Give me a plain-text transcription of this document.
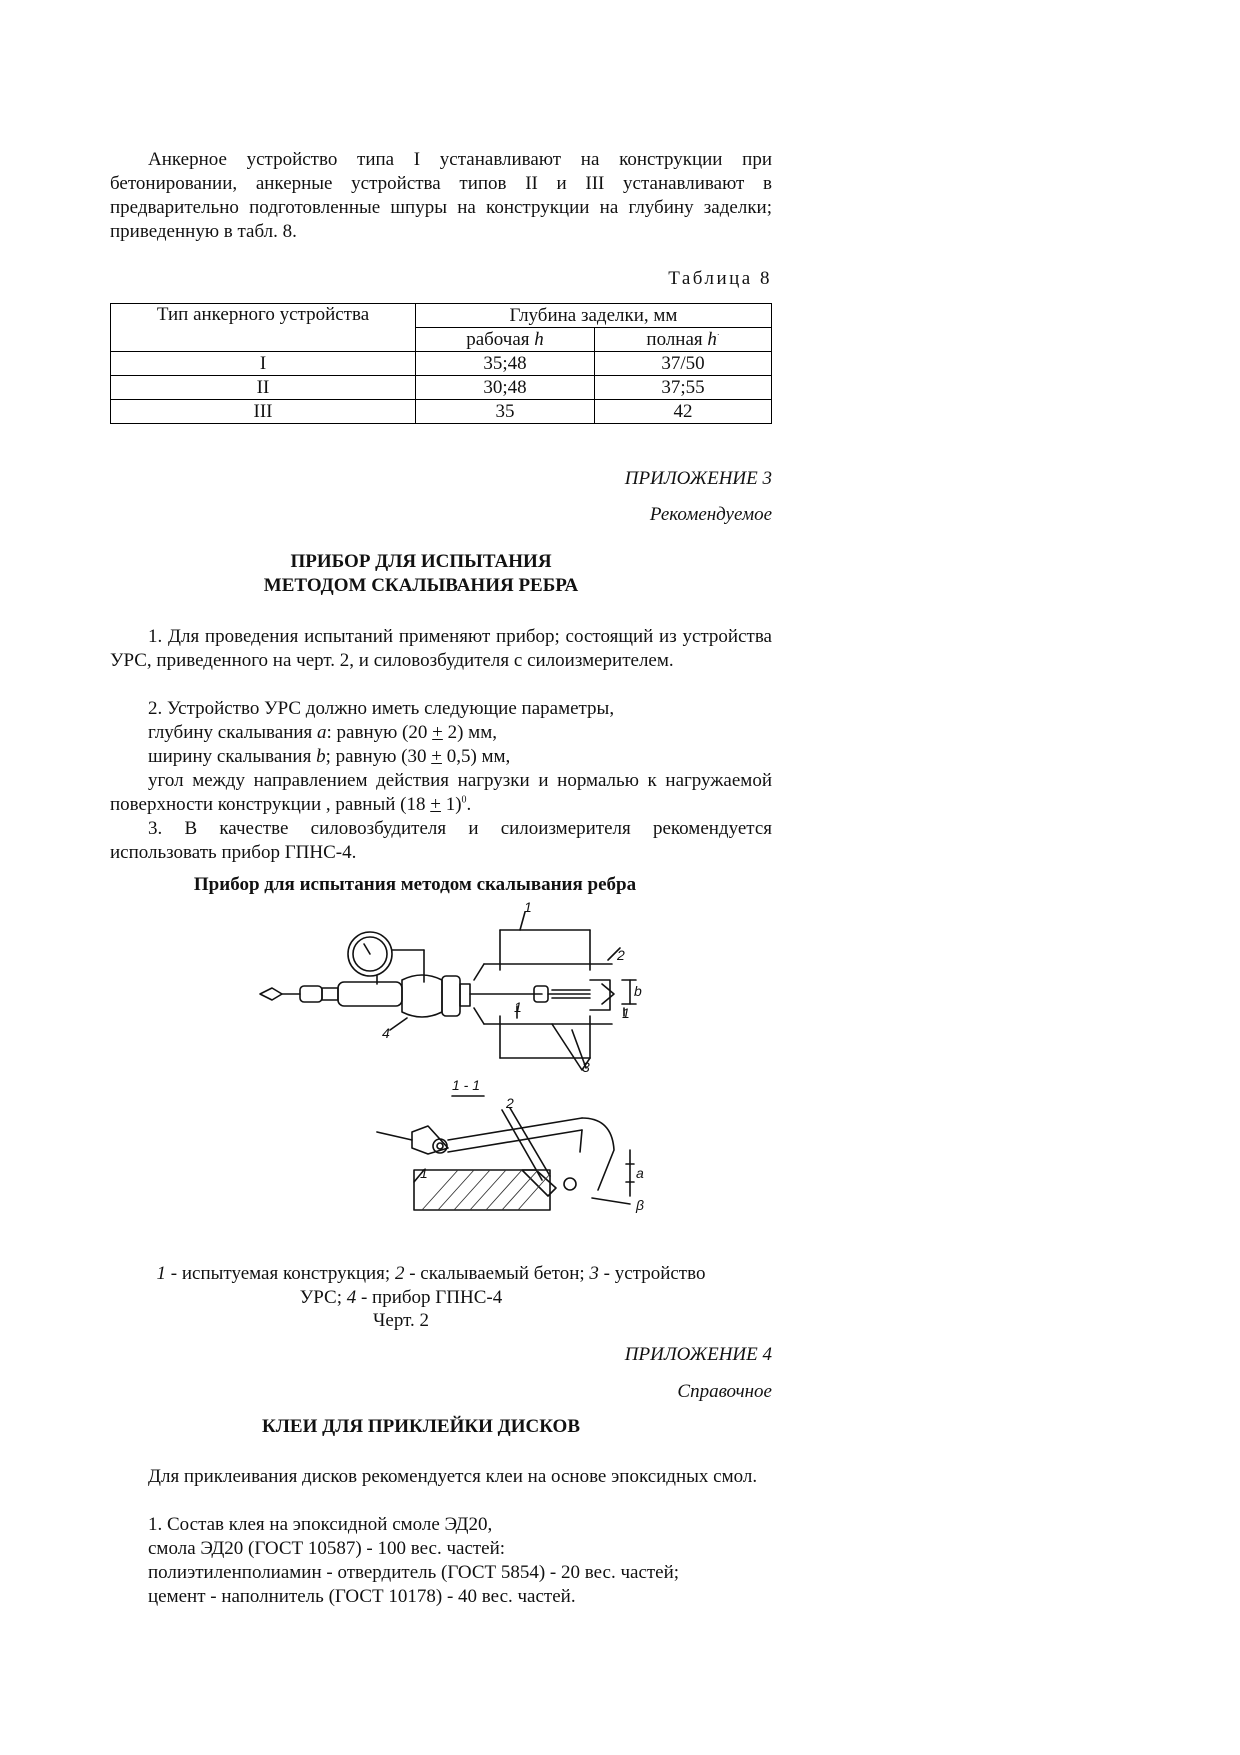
Анкерное устройство типа I устанавливают на конструкции при бетонировании, анкерные устройства типов II и III устанавливают в предварительно подготовленные шпуры на конструкции на глубину заделки; приведенную в табл. 8.

Таблица 8

Тип анкерного устройства	Глубина заделки, мм	
	рабочая h	полная h·
I	35;48	37/50
II	30;48	37;55
III	35	42

ПРИЛОЖЕНИЕ 3

Рекомендуемое

ПРИБОР ДЛЯ ИСПЫТАНИЯ

МЕТОДОМ СКАЛЫВАНИЯ РЕБРА

1. Для проведения испытаний применяют прибор; состоящий из устройства УРС, приведенного на черт. 2, и силовозбудителя с силоизмерителем.

2. Устройство УРС должно иметь следующие параметры,

глубину скалывания a: равную (20 + 2) мм,

ширину скалывания b; равную (30 + 0,5) мм,

угол между направлением действия нагрузки и нормалью к нагружаемой поверхности конструкции , равный $(18 + 1)^0$.

3. В качестве силовозбудителя и силоизмерителя рекомендуется использовать прибор ГПНС-4.

Прибор для испытания методом скалывания ребра

1
2
3
4
1	1
b
1 - 1
2
1	a
β

1 - испытуемая конструкция; 2 - скалываемый бетон; 3 - устройство

УРС; 4 - прибор ГПНС-4

Черт. 2

ПРИЛОЖЕНИЕ 4

Справочное

КЛЕИ ДЛЯ ПРИКЛЕЙКИ ДИСКОВ

Для приклеивания дисков рекомендуется клеи на основе эпоксидных смол.

1. Состав клея на эпоксидной смоле ЭД20,

смола ЭД20 (ГОСТ 10587) - 100 вес. частей:

полиэтиленполиамин - отвердитель (ГОСТ 5854) - 20 вес. частей;

цемент - наполнитель (ГОСТ 10178) - 40 вес. частей.
